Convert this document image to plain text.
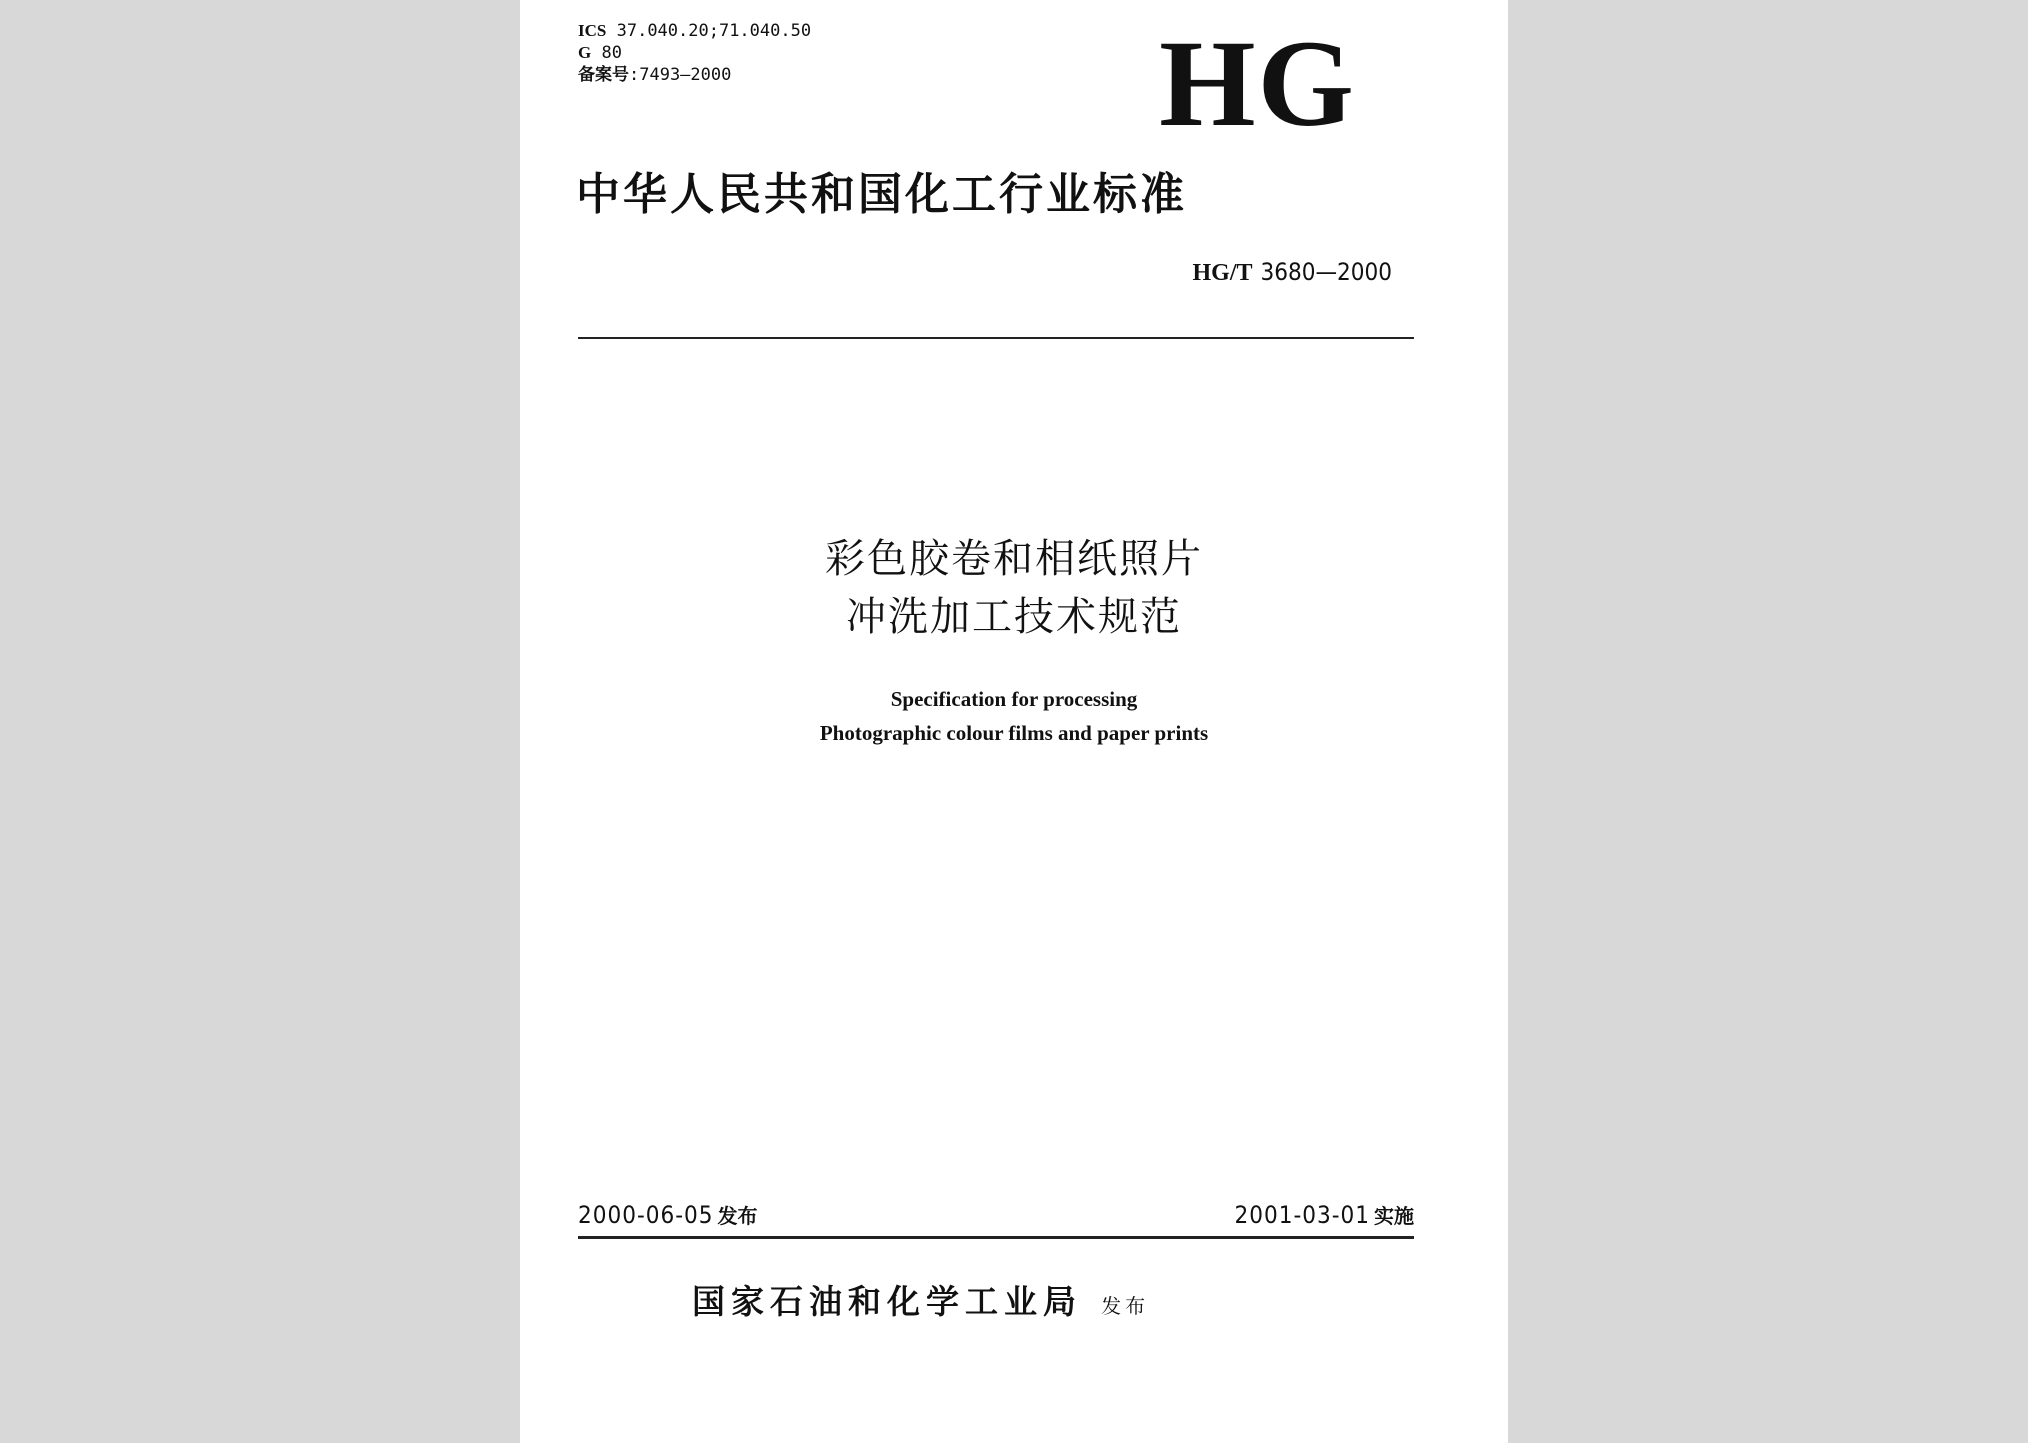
ICS 37.040.20;71.040.50
G 80
备案号:7493—2000	HG
中华人民共和国化工行业标准
HG/T 3680—2000
彩色胶卷和相纸照片
冲洗加工技术规范
Specification for processing
Photographic colour films and paper prints
2000-06-05 发布	2001-03-01 实施
国家石油和化学工业局 发布
